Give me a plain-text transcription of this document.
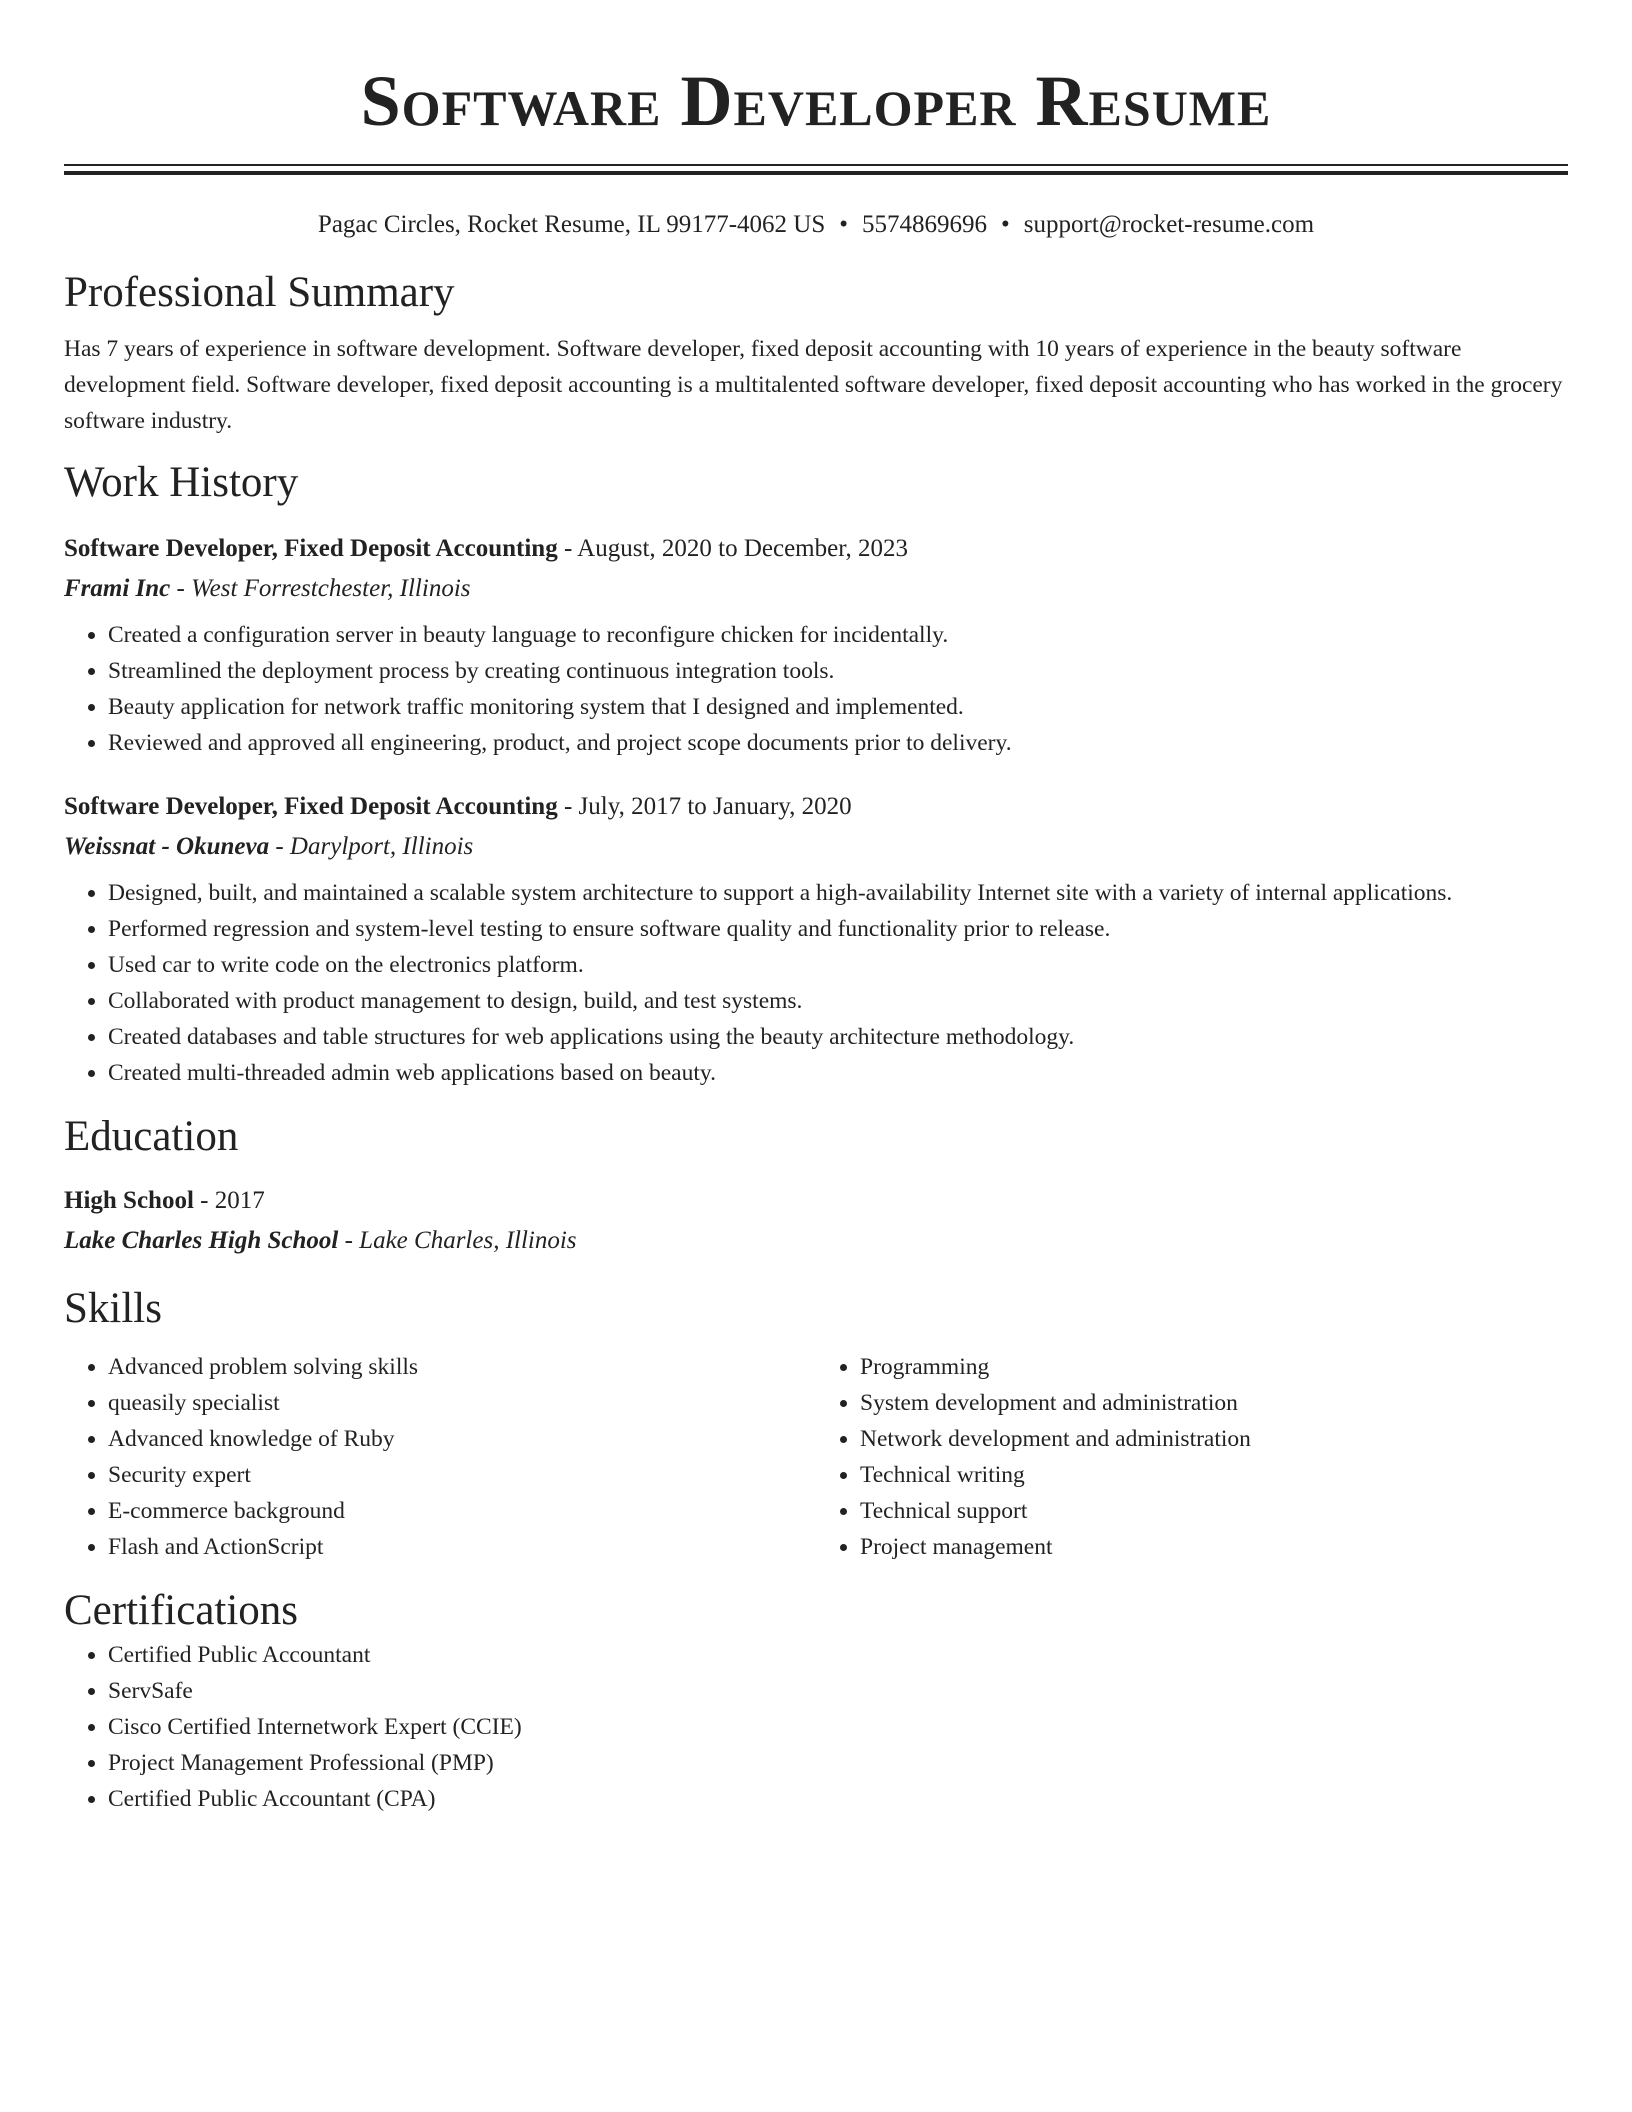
Software Developer Resume
Pagac Circles, Rocket Resume, IL 99177-4062 US • 5574869696 • support@rocket-resume.com
Professional Summary

Has 7 years of experience in software development. Software developer, fixed deposit accounting with 10 years of experience in the beauty software development field. Software developer, fixed deposit accounting is a multitalented software developer, fixed deposit accounting who has worked in the grocery software industry.

Work History
Software Developer, Fixed Deposit Accounting - August, 2020 to December, 2023
Frami Inc - West Forrestchester, Illinois
• Created a configuration server in beauty language to reconfigure chicken for incidentally.
• Streamlined the deployment process by creating continuous integration tools.
• Beauty application for network traffic monitoring system that I designed and implemented.
• Reviewed and approved all engineering, product, and project scope documents prior to delivery.
Software Developer, Fixed Deposit Accounting - July, 2017 to January, 2020
Weissnat - Okuneva - Darylport, Illinois
• Designed, built, and maintained a scalable system architecture to support a high-availability Internet site with a variety of internal applications.
• Performed regression and system-level testing to ensure software quality and functionality prior to release.
• Used car to write code on the electronics platform.
• Collaborated with product management to design, build, and test systems.
• Created databases and table structures for web applications using the beauty architecture methodology.
• Created multi-threaded admin web applications based on beauty.
Education
High School - 2017
Lake Charles High School - Lake Charles, Illinois
Skills
• Advanced problem solving skills
• queasily specialist
• Advanced knowledge of Ruby
• Security expert
• E-commerce background
• Flash and ActionScript
• Programming
• System development and administration
• Network development and administration
• Technical writing
• Technical support
• Project management
Certifications
• Certified Public Accountant
• ServSafe
• Cisco Certified Internetwork Expert (CCIE)
• Project Management Professional (PMP)
• Certified Public Accountant (CPA)
